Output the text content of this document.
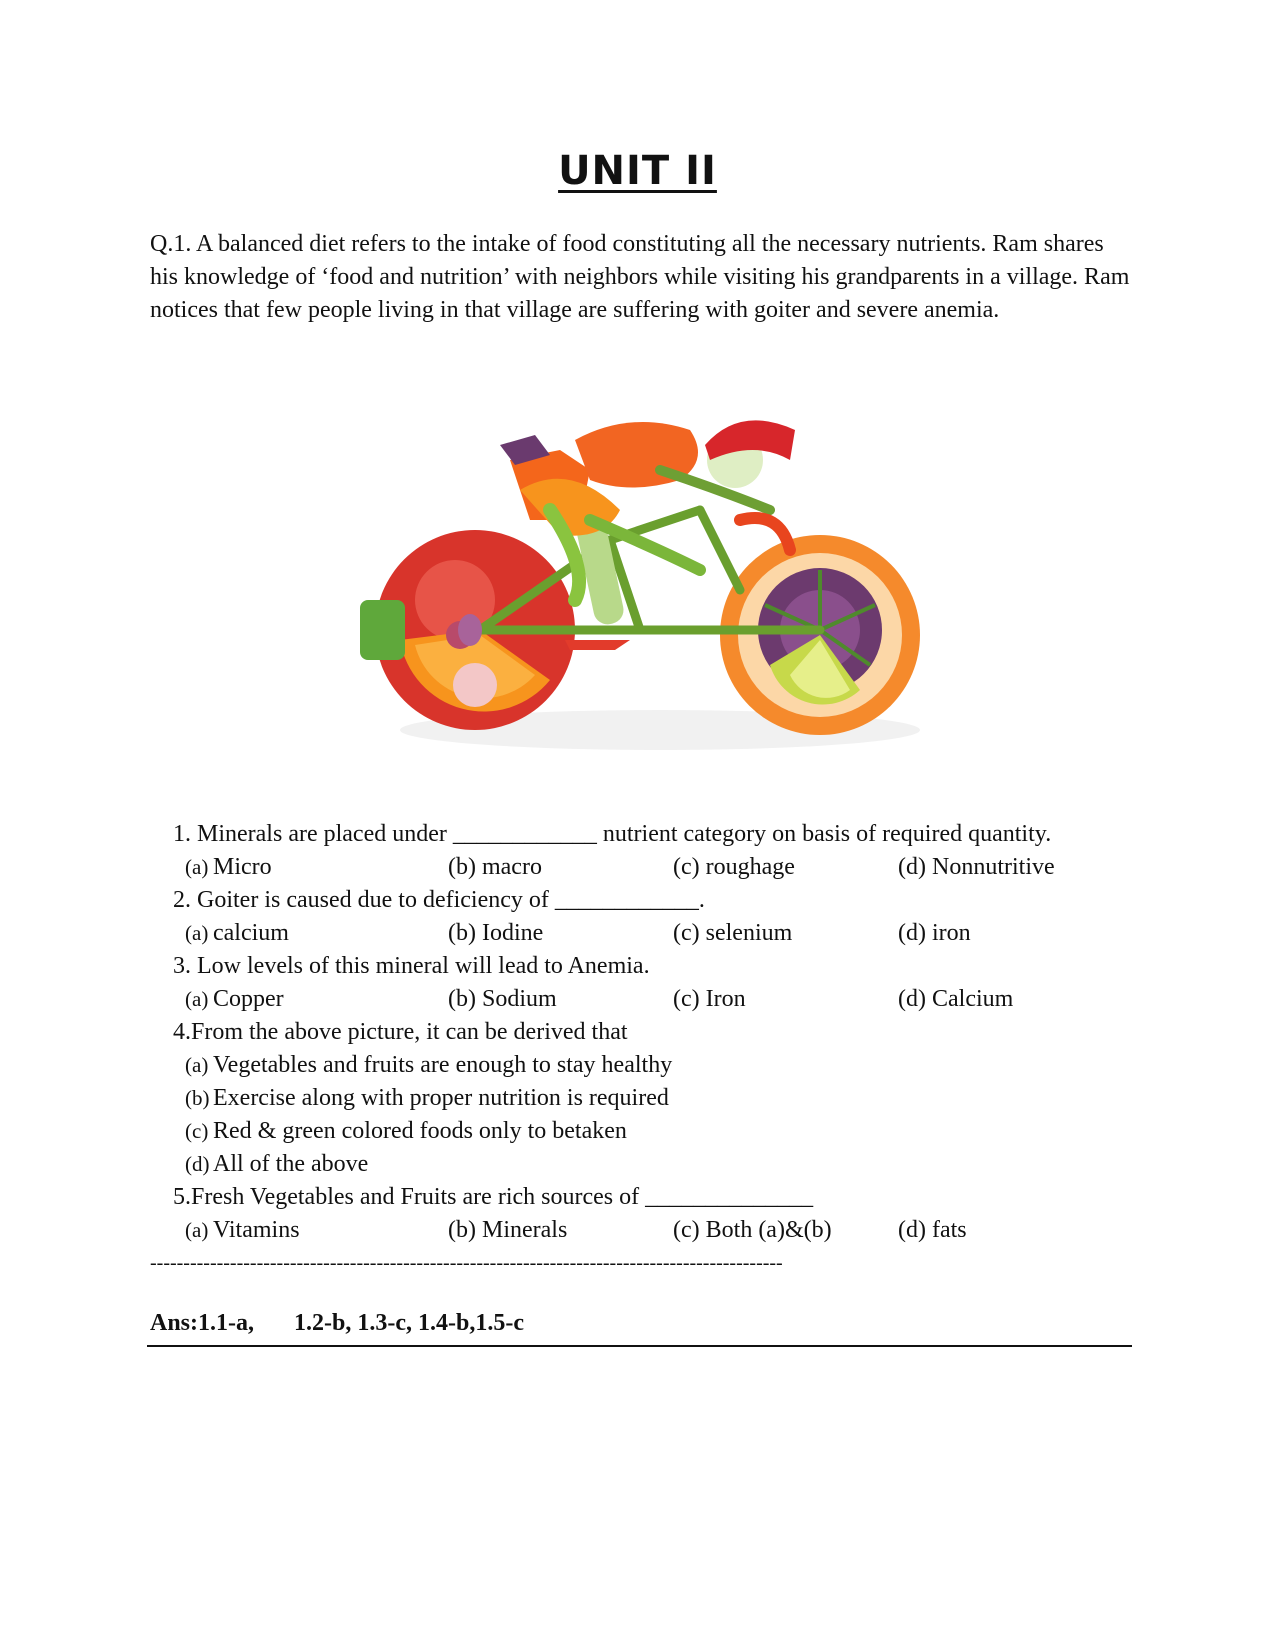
UNIT II
Q.1. A balanced diet refers to the intake of food constituting all the necessary nutrients. Ram shares his knowledge of ‘food and nutrition’ with neighbors while visiting his grandparents in a village. Ram notices that few people living in that village are suffering with goiter and severe anemia.
1. Minerals are placed under ____________ nutrient category on basis of required quantity.
(a) Micro	(b) macro	(c) roughage	(d) Nonnutritive
2. Goiter is caused due to deficiency of ____________.
(a) calcium	(b) Iodine	(c) selenium	(d) iron
3. Low levels of this mineral will lead to Anemia.
(a) Copper	(b) Sodium	(c) Iron	(d) Calcium
4.From the above picture, it can be derived that
(a) Vegetables and fruits are enough to stay healthy
(b) Exercise along with proper nutrition is required
(c) Red & green colored foods only to betaken
(d) All of the above
5.Fresh Vegetables and Fruits are rich sources of ______________
(a) Vitamins	(b) Minerals	(c) Both (a)&(b)	(d) fats
-----------------------------------------------------------------------------------------------
Ans:1.1-a, 1.2-b, 1.3-c, 1.4-b,1.5-c
